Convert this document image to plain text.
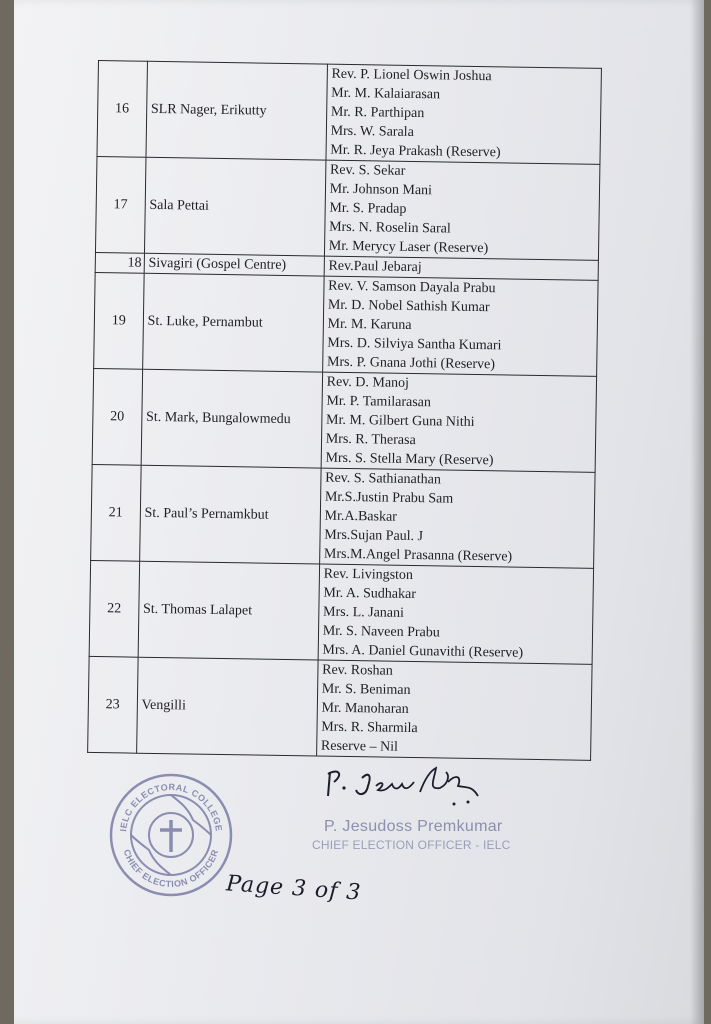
16	SLR Nager, Erikutty	Rev. P. Lionel Oswin Joshua
Mr. M. Kalaiarasan
Mr. R. Parthipan
Mrs. W. Sarala
Mr. R. Jeya Prakash (Reserve)

17	Sala Pettai	Rev. S. Sekar
Mr. Johnson Mani
Mr. S. Pradap
Mrs. N. Roselin Saral
Mr. Merycy Laser (Reserve)

18	Sivagiri (Gospel Centre)	Rev.Paul Jebaraj

19	St. Luke, Pernambut	Rev. V. Samson Dayala Prabu
Mr. D. Nobel Sathish Kumar
Mr. M. Karuna
Mrs. D. Silviya Santha Kumari
Mrs. P. Gnana Jothi (Reserve)

20	St. Mark, Bungalowmedu	Rev. D. Manoj
Mr. P. Tamilarasan
Mr. M. Gilbert Guna Nithi
Mrs. R. Therasa
Mrs. S. Stella Mary (Reserve)

21	St. Paul’s Pernamkbut	Rev. S. Sathianathan
Mr.S.Justin Prabu Sam
Mr.A.Baskar
Mrs.Sujan Paul. J
Mrs.M.Angel Prasanna (Reserve)

22	St. Thomas Lalapet	Rev. Livingston
Mr. A. Sudhakar
Mrs. L. Janani
Mr. S. Naveen Prabu
Mrs. A. Daniel Gunavithi (Reserve)

23	Vengilli	Rev. Roshan
Mr. S. Beniman
Mr. Manoharan
Mrs. R. Sharmila
Reserve – Nil
P. Jesudoss Premkumar
CHIEF ELECTION OFFICER - IELC
IELC ELECTORAL COLLEGE
CHIEF ELECTION OFFICER
Page 3 of 3
